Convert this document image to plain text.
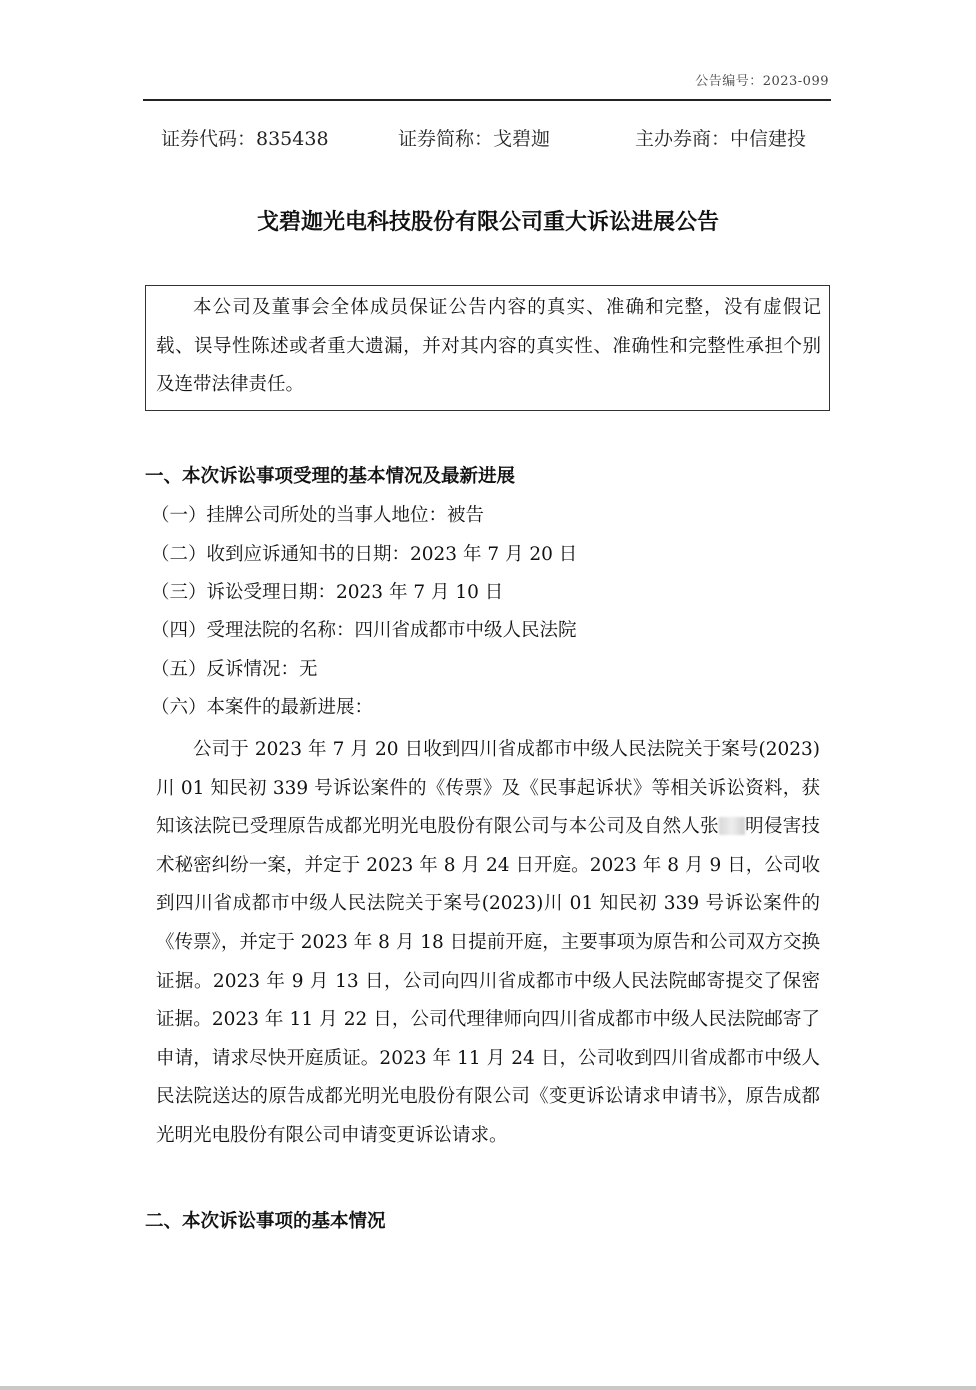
公告编号：2023-099
证券代码：835438	证券简称：戈碧迦	主办券商：中信建投
戈碧迦光电科技股份有限公司重大诉讼进展公告
本公司及董事会全体成员保证公告内容的真实、准确和完整，没有虚假记载、误导性陈述或者重大遗漏，并对其内容的真实性、准确性和完整性承担个别及连带法律责任。
一、本次诉讼事项受理的基本情况及最新进展
（一）挂牌公司所处的当事人地位：被告
（二）收到应诉通知书的日期：2023 年 7 月 20 日
（三）诉讼受理日期：2023 年 7 月 10 日
（四）受理法院的名称：四川省成都市中级人民法院
（五）反诉情况：无
（六）本案件的最新进展：
公司于 2023 年 7 月 20 日收到四川省成都市中级人民法院关于案号(2023)川 01 知民初 339 号诉讼案件的《传票》及《民事起诉状》等相关诉讼资料，获知该法院已受理原告成都光明光电股份有限公司与本公司及自然人张 明侵害技术秘密纠纷一案，并定于 2023 年 8 月 24 日开庭。2023 年 8 月 9 日，公司收到四川省成都市中级人民法院关于案号(2023)川 01 知民初 339 号诉讼案件的《传票》，并定于 2023 年 8 月 18 日提前开庭，主要事项为原告和公司双方交换证据。2023 年 9 月 13 日，公司向四川省成都市中级人民法院邮寄提交了保密证据。2023 年 11 月 22 日，公司代理律师向四川省成都市中级人民法院邮寄了申请，请求尽快开庭质证。2023 年 11 月 24 日，公司收到四川省成都市中级人民法院送达的原告成都光明光电股份有限公司《变更诉讼请求申请书》，原告成都光明光电股份有限公司申请变更诉讼请求。
二、本次诉讼事项的基本情况
